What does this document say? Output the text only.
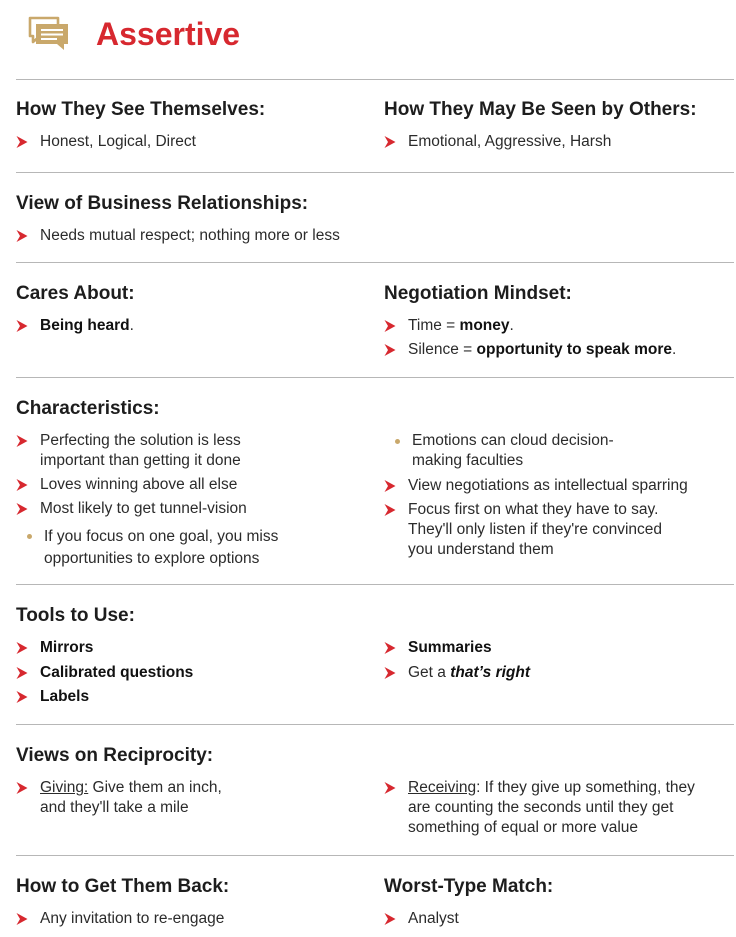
Assertive
How They See Themselves:
Honest, Logical, Direct
How They May Be Seen by Others:
Emotional, Aggressive, Harsh
View of Business Relationships:
Needs mutual respect; nothing more or less
Cares About:
Being heard.
Negotiation Mindset:
Time = money.
Silence = opportunity to speak more.
Characteristics:
Perfecting the solution is less important than getting it done
Loves winning above all else
Most likely to get tunnel-vision
If you focus on one goal, you miss opportunities to explore options
Emotions can cloud decision-making faculties
View negotiations as intellectual sparring
Focus first on what they have to say. They'll only listen if they're convinced you understand them
Tools to Use:
Mirrors
Calibrated questions
Labels
Summaries
Get a that’s right
Views on Reciprocity:
Giving: Give them an inch, and they'll take a mile
Receiving: If they give up something, they are counting the seconds until they get something of equal or more value
How to Get Them Back:
Any invitation to re-engage
Worst-Type Match:
Analyst
